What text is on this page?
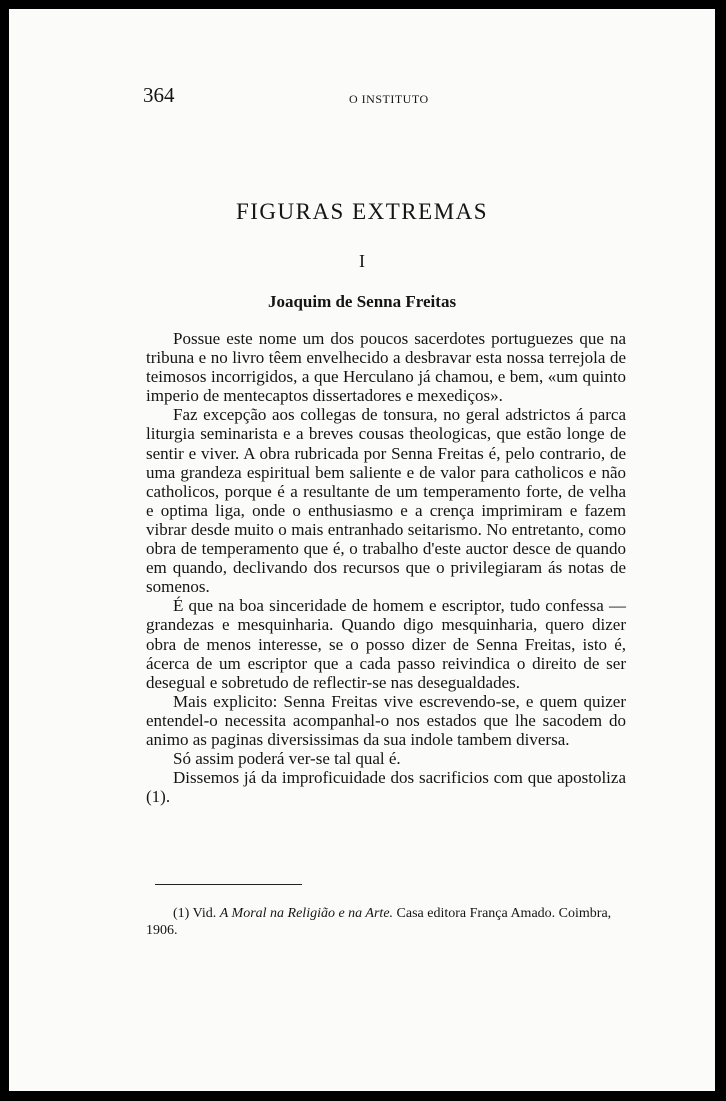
364	O INSTITUTO
FIGURAS EXTREMAS
I
Joaquim de Senna Freitas

Possue este nome um dos poucos sacerdotes portuguezes que na tribuna e no livro têem envelhecido a desbravar esta nossa terrejola de teimosos incorrigidos, a que Herculano já chamou, e bem, «um quinto imperio de mentecaptos dissertadores e mexediços».

Faz excepção aos collegas de tonsura, no geral adstrictos á parca liturgia seminarista e a breves cousas theologicas, que estão longe de sentir e viver. A obra rubricada por Senna Freitas é, pelo contrario, de uma grandeza espiritual bem saliente e de valor para catholicos e não catholicos, porque é a resultante de um temperamento forte, de velha e optima liga, onde o enthusiasmo e a crença imprimiram e fazem vibrar desde muito o mais entranhado seitarismo. No entretanto, como obra de temperamento que é, o trabalho d'este auctor desce de quando em quando, declivando dos recursos que o privilegiaram ás notas de somenos.

É que na boa sinceridade de homem e escriptor, tudo confessa — grandezas e mesquinharia. Quando digo mesquinharia, quero dizer obra de menos interesse, se o posso dizer de Senna Freitas, isto é, ácerca de um escriptor que a cada passo reivindica o direito de ser desegual e sobretudo de reflectir-se nas desegualdades.

Mais explicito: Senna Freitas vive escrevendo-se, e quem quizer entendel-o necessita acompanhal-o nos estados que lhe sacodem do animo as paginas diversissimas da sua indole tambem diversa.

Só assim poderá ver-se tal qual é.

Dissemos já da improficuidade dos sacrificios com que apostoliza (1).

(1) Vid. A Moral na Religião e na Arte. Casa editora França Amado. Coimbra, 1906.
